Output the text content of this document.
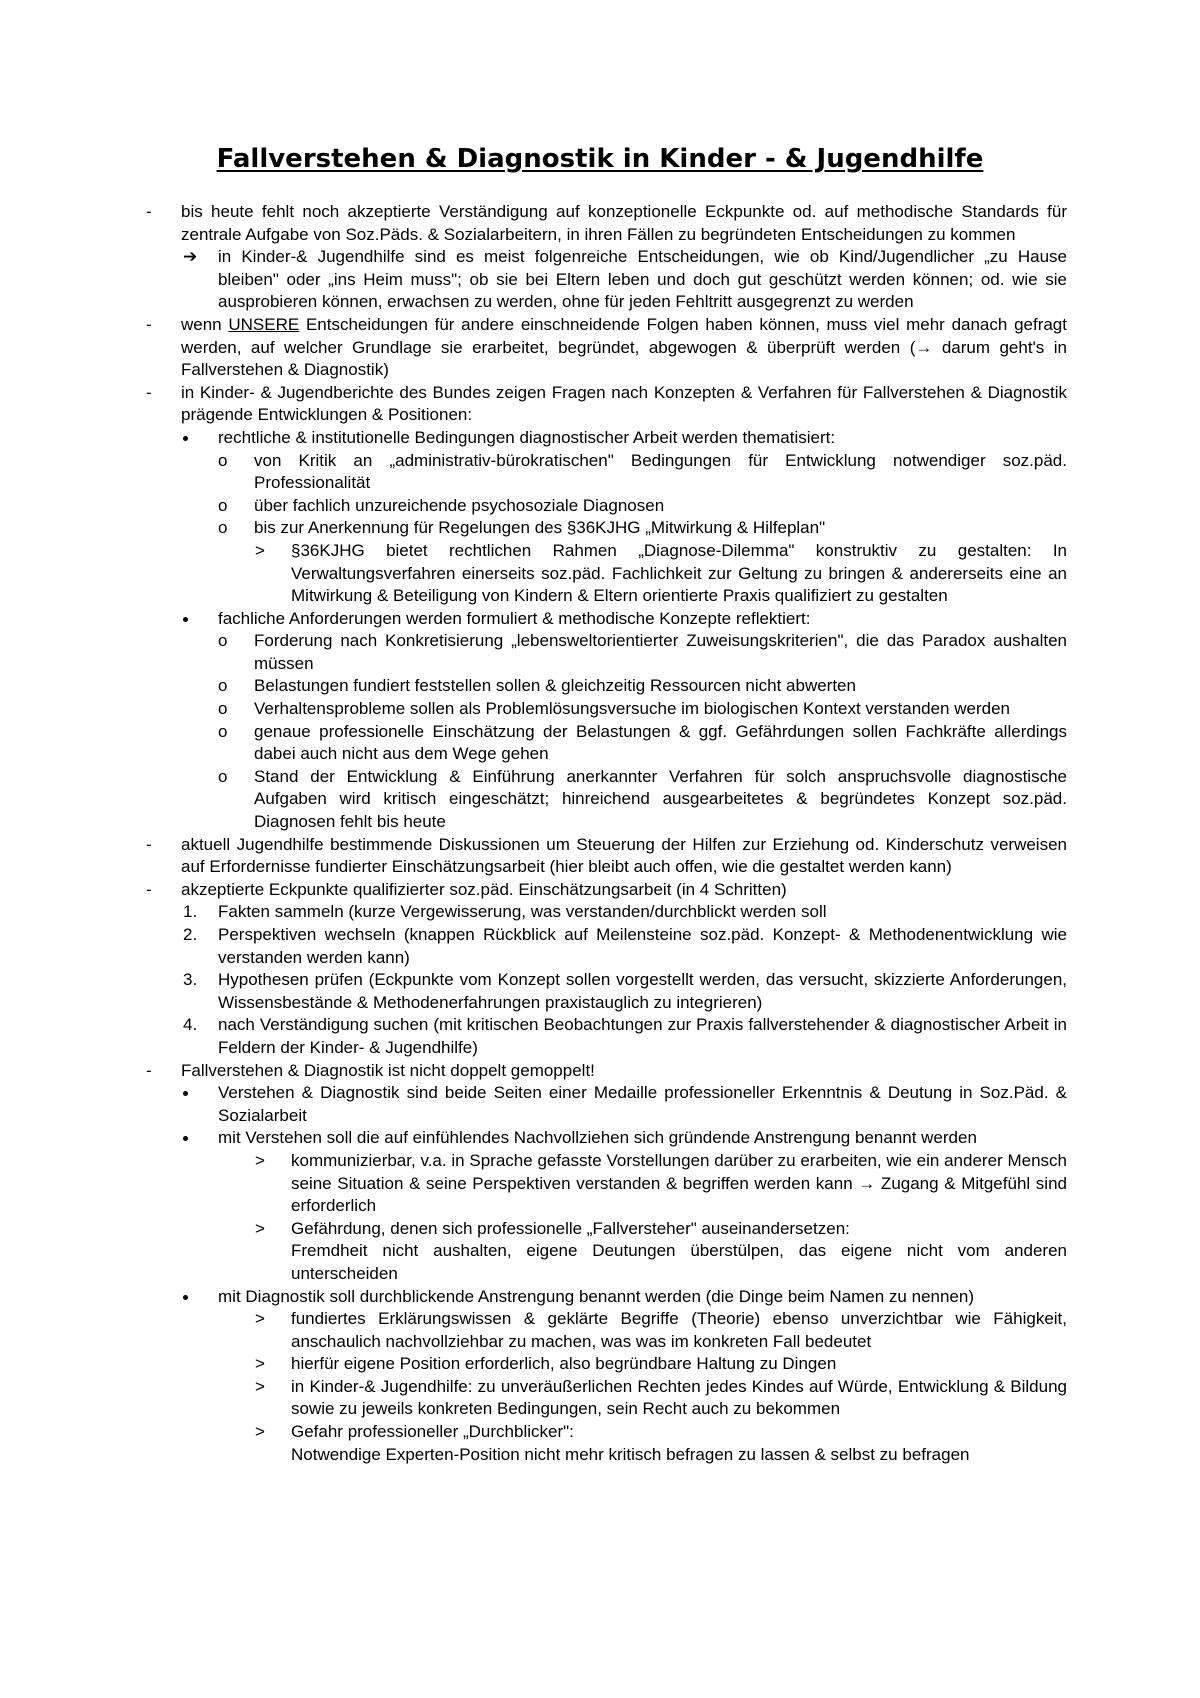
Fallverstehen & Diagnostik in Kinder - & Jugendhilfe
- bis heute fehlt noch akzeptierte Verständigung auf konzeptionelle Eckpunkte od. auf methodische Standards für zentrale Aufgabe von Soz.Päds. & Sozialarbeitern, in ihren Fällen zu begründeten Entscheidungen zu kommen
➔ in Kinder-& Jugendhilfe sind es meist folgenreiche Entscheidungen, wie ob Kind/Jugendlicher „zu Hause bleiben" oder „ins Heim muss"; ob sie bei Eltern leben und doch gut geschützt werden können; od. wie sie ausprobieren können, erwachsen zu werden, ohne für jeden Fehltritt ausgegrenzt zu werden
- wenn UNSERE Entscheidungen für andere einschneidende Folgen haben können, muss viel mehr danach gefragt werden, auf welcher Grundlage sie erarbeitet, begründet, abgewogen & überprüft werden (→ darum geht's in Fallverstehen & Diagnostik)
- in Kinder- & Jugendberichte des Bundes zeigen Fragen nach Konzepten & Verfahren für Fallverstehen & Diagnostik prägende Entwicklungen & Positionen:
rechtliche & institutionelle Bedingungen diagnostischer Arbeit werden thematisiert:
o von Kritik an „administrativ-bürokratischen" Bedingungen für Entwicklung notwendiger soz.päd. Professionalität
o über fachlich unzureichende psychosoziale Diagnosen
o bis zur Anerkennung für Regelungen des §36KJHG „Mitwirkung & Hilfeplan"
> §36KJHG bietet rechtlichen Rahmen „Diagnose-Dilemma" konstruktiv zu gestalten: In Verwaltungsverfahren einerseits soz.päd. Fachlichkeit zur Geltung zu bringen & andererseits eine an Mitwirkung & Beteiligung von Kindern & Eltern orientierte Praxis qualifiziert zu gestalten
fachliche Anforderungen werden formuliert & methodische Konzepte reflektiert:
o Forderung nach Konkretisierung „lebensweltorientierter Zuweisungskriterien", die das Paradox aushalten müssen
o Belastungen fundiert feststellen sollen & gleichzeitig Ressourcen nicht abwerten
o Verhaltensprobleme sollen als Problemlösungsversuche im biologischen Kontext verstanden werden
o genaue professionelle Einschätzung der Belastungen & ggf. Gefährdungen sollen Fachkräfte allerdings dabei auch nicht aus dem Wege gehen
o Stand der Entwicklung & Einführung anerkannter Verfahren für solch anspruchsvolle diagnostische Aufgaben wird kritisch eingeschätzt; hinreichend ausgearbeitetes & begründetes Konzept soz.päd. Diagnosen fehlt bis heute
- aktuell Jugendhilfe bestimmende Diskussionen um Steuerung der Hilfen zur Erziehung od. Kinderschutz verweisen auf Erfordernisse fundierter Einschätzungsarbeit (hier bleibt auch offen, wie die gestaltet werden kann)
- akzeptierte Eckpunkte qualifizierter soz.päd. Einschätzungsarbeit (in 4 Schritten)
1. Fakten sammeln (kurze Vergewisserung, was verstanden/durchblickt werden soll
2. Perspektiven wechseln (knappen Rückblick auf Meilensteine soz.päd. Konzept- & Methodenentwicklung wie verstanden werden kann)
3. Hypothesen prüfen (Eckpunkte vom Konzept sollen vorgestellt werden, das versucht, skizzierte Anforderungen, Wissensbestände & Methodenerfahrungen praxistauglich zu integrieren)
4. nach Verständigung suchen (mit kritischen Beobachtungen zur Praxis fallverstehender & diagnostischer Arbeit in Feldern der Kinder- & Jugendhilfe)
- Fallverstehen & Diagnostik ist nicht doppelt gemoppelt!
Verstehen & Diagnostik sind beide Seiten einer Medaille professioneller Erkenntnis & Deutung in Soz.Päd. & Sozialarbeit
mit Verstehen soll die auf einfühlendes Nachvollziehen sich gründende Anstrengung benannt werden
> kommunizierbar, v.a. in Sprache gefasste Vorstellungen darüber zu erarbeiten, wie ein anderer Mensch seine Situation & seine Perspektiven verstanden & begriffen werden kann → Zugang & Mitgefühl sind erforderlich
> Gefährdung, denen sich professionelle „Fallversteher" auseinandersetzen:
Fremdheit nicht aushalten, eigene Deutungen überstülpen, das eigene nicht vom anderen unterscheiden
mit Diagnostik soll durchblickende Anstrengung benannt werden (die Dinge beim Namen zu nennen)
> fundiertes Erklärungswissen & geklärte Begriffe (Theorie) ebenso unverzichtbar wie Fähigkeit, anschaulich nachvollziehbar zu machen, was was im konkreten Fall bedeutet
> hierfür eigene Position erforderlich, also begründbare Haltung zu Dingen
> in Kinder-& Jugendhilfe: zu unveräußerlichen Rechten jedes Kindes auf Würde, Entwicklung & Bildung sowie zu jeweils konkreten Bedingungen, sein Recht auch zu bekommen
> Gefahr professioneller „Durchblicker":
Notwendige Experten-Position nicht mehr kritisch befragen zu lassen & selbst zu befragen
